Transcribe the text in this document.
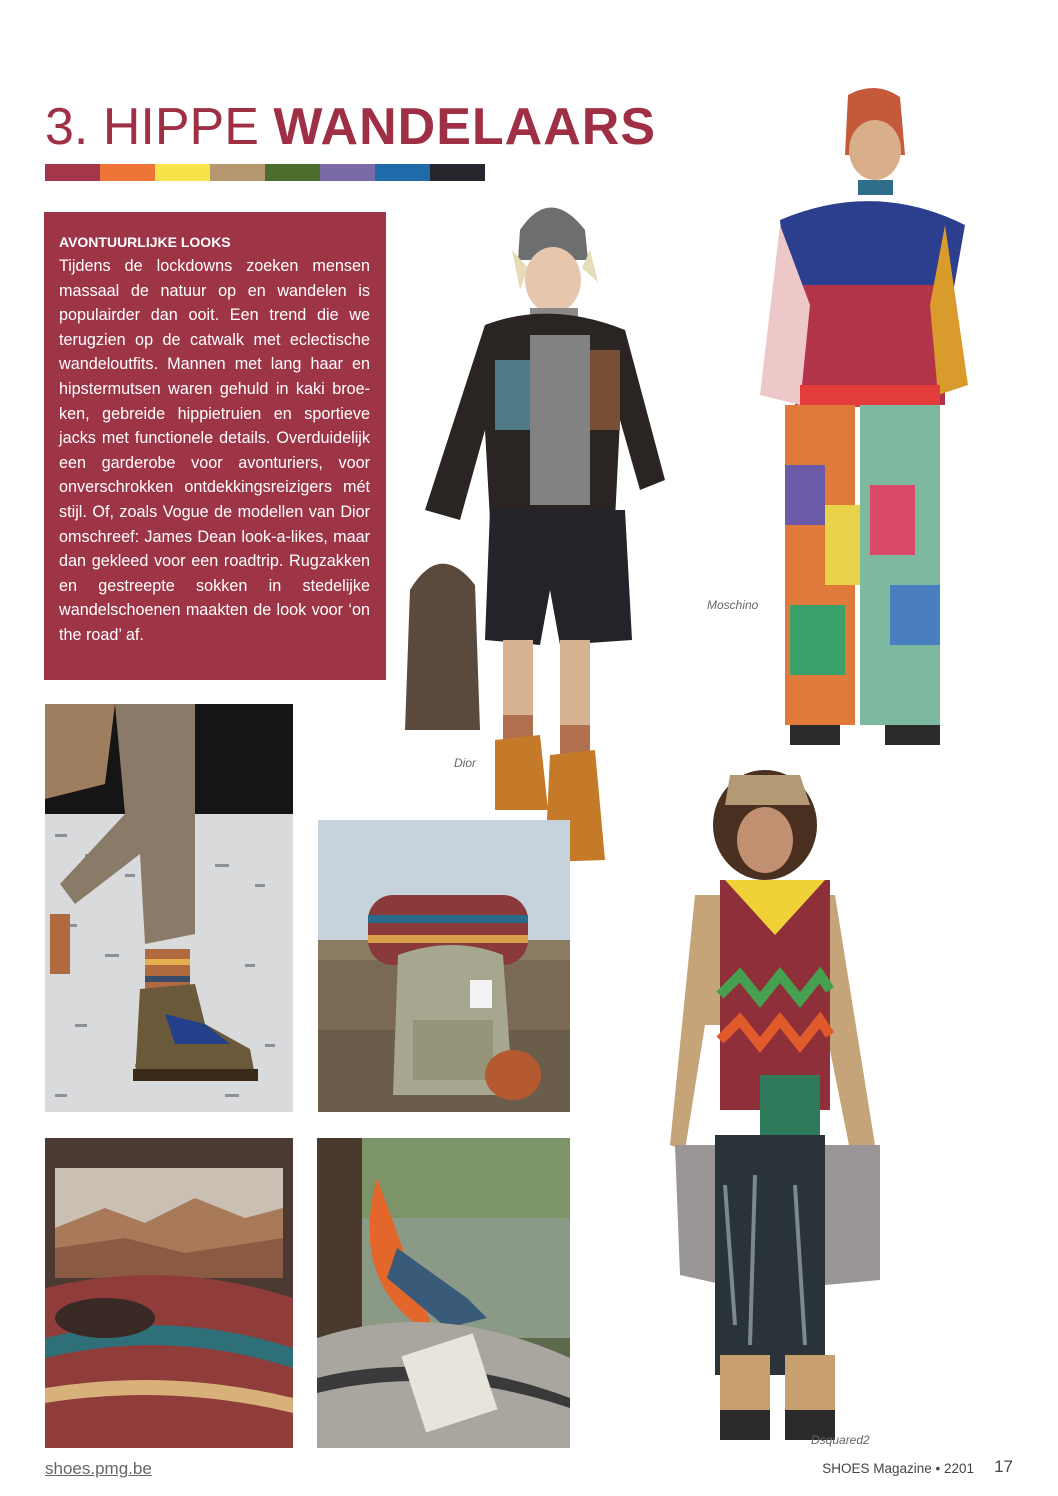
3. HIPPE WANDELAARS
AVONTUURLIJKE LOOKS
Tijdens de lockdowns zoeken mensen massaal de natuur op en wandelen is populairder dan ooit. Een trend die we terugzien op de catwalk met eclectische wandeloutfits. Mannen met lang haar en hipstermutsen waren gehuld in kaki broeken, gebreide hippietruien en sportieve jacks met functionele details. Overduidelijk een garderobe voor avonturiers, voor onverschrokken ontdekkingsreizigers mét stijl. Of, zoals Vogue de modellen van Dior omschreef: James Dean look-a-likes, maar dan gekleed voor een roadtrip. Rugzakken en gestreepte sokken in stedelijke wandelschoenen maakten de look voor ‘on the road’ af.
Dior
Moschino
Dsquared2
shoes.pmg.be	SHOES Magazine • 2201 17
